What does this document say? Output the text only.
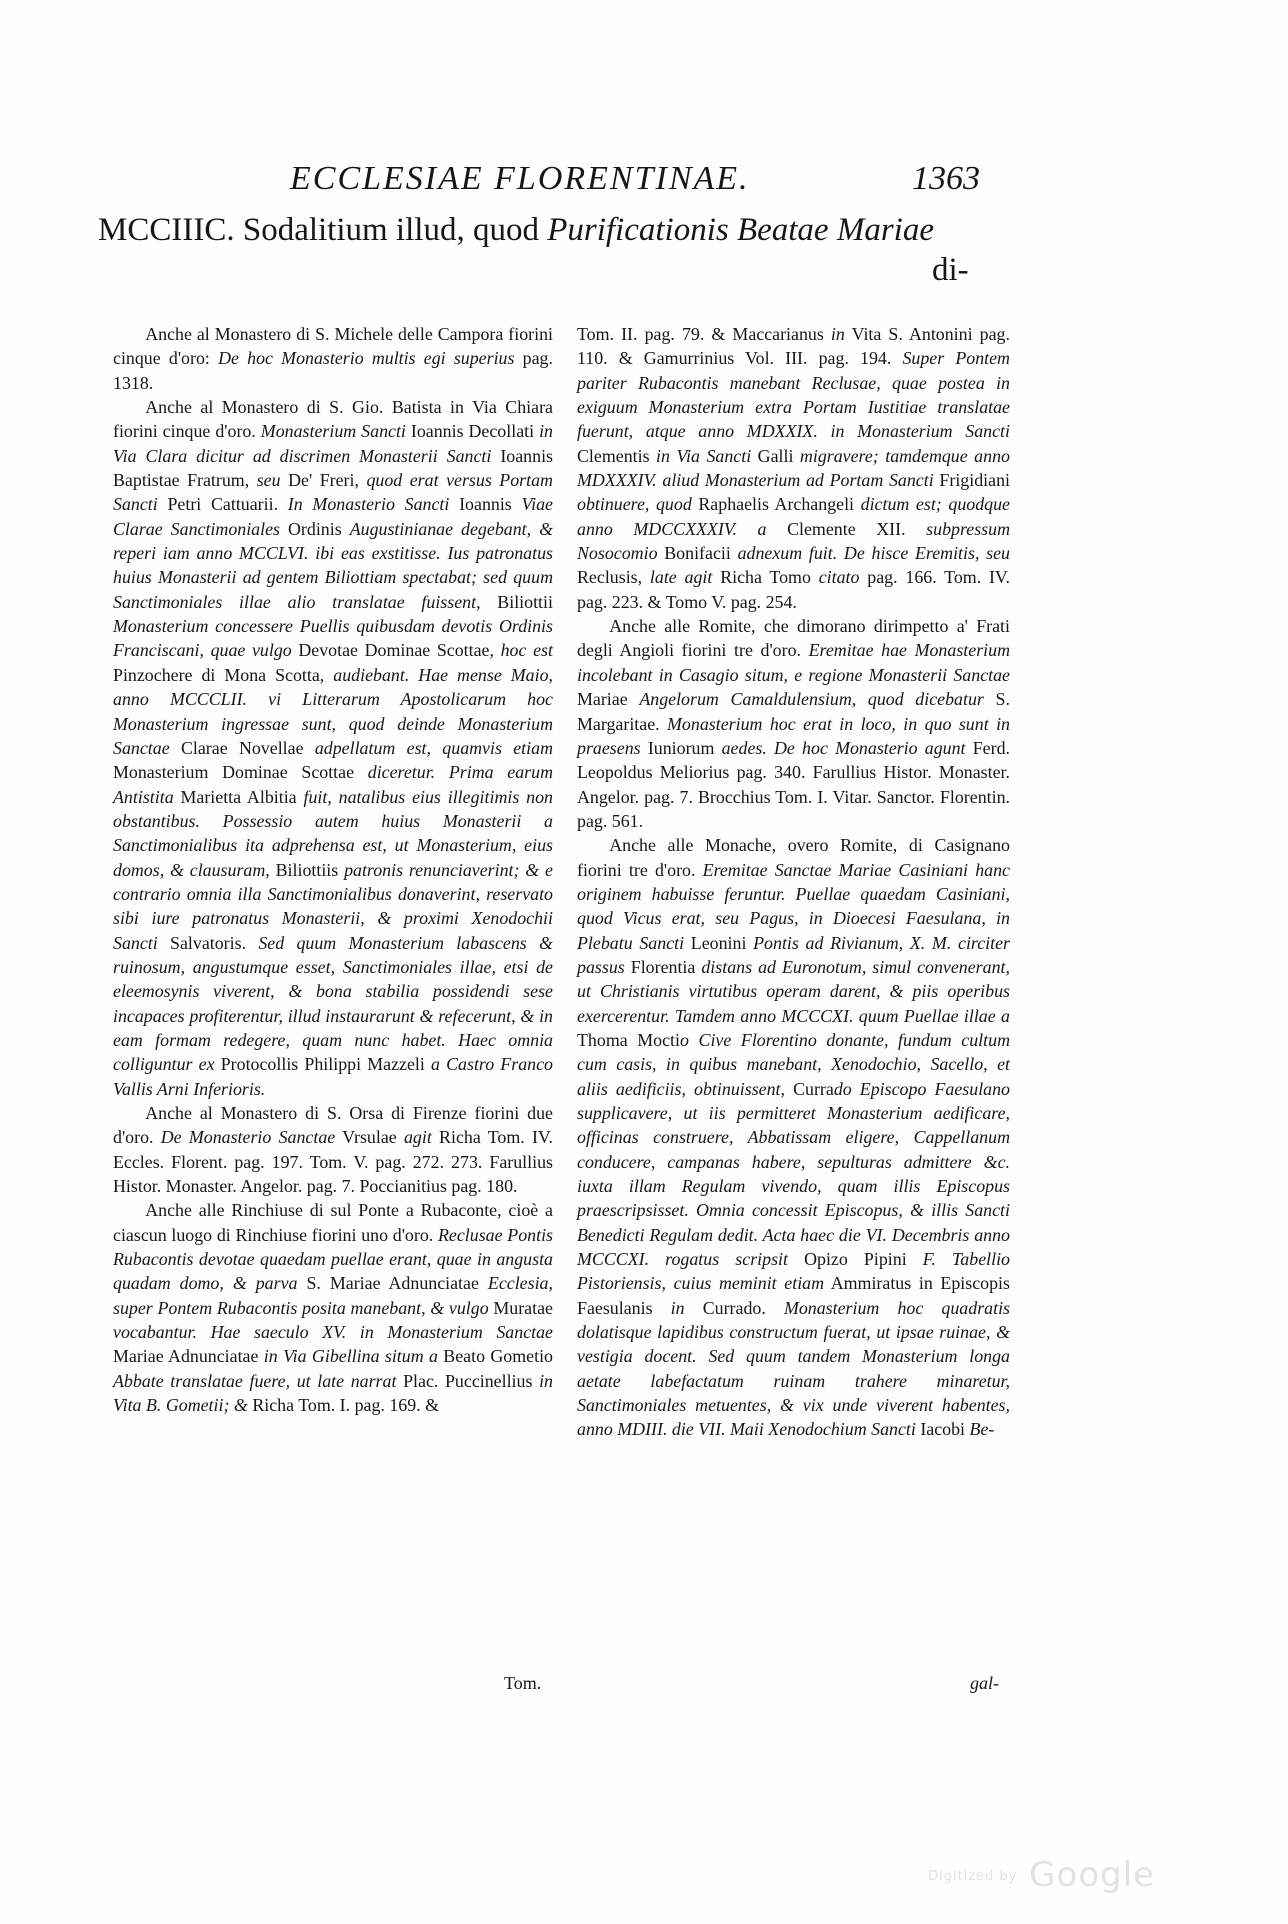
ECCLESIAE FLORENTINAE.	1363
MCCIIIC. Sodalitium illud, quod Purificationis Beatae Mariae
di-

Anche al Monastero di S. Michele delle Campora fiorini cinque d'oro: De hoc Monasterio multis egi superius pag. 1318.

Anche al Monastero di S. Gio. Batista in Via Chiara fiorini cinque d'oro. Monasterium Sancti Ioannis Decollati in Via Clara dicitur ad discrimen Monasterii Sancti Ioannis Baptistae Fratrum, seu De' Freri, quod erat versus Portam Sancti Petri Cattuarii. In Monasterio Sancti Ioannis Viae Clarae Sanctimoniales Ordinis Augustinianae degebant, & reperi iam anno MCCLVI. ibi eas exstitisse. Ius patronatus huius Monasterii ad gentem Biliottiam spectabat; sed quum Sanctimoniales illae alio translatae fuissent, Biliottii Monasterium concessere Puellis quibusdam devotis Ordinis Franciscani, quae vulgo Devotae Dominae Scottae, hoc est Pinzochere di Mona Scotta, audiebant. Hae mense Maio, anno MCCCLII. vi Litterarum Apostolicarum hoc Monasterium ingressae sunt, quod deinde Monasterium Sanctae Clarae Novellae adpellatum est, quamvis etiam Monasterium Dominae Scottae diceretur. Prima earum Antistita Marietta Albitia fuit, natalibus eius illegitimis non obstantibus. Possessio autem huius Monasterii a Sanctimonialibus ita adprehensa est, ut Monasterium, eius domos, & clausuram, Biliottiis patronis renunciaverint; & e contrario omnia illa Sanctimonialibus donaverint, reservato sibi iure patronatus Monasterii, & proximi Xenodochii Sancti Salvatoris. Sed quum Monasterium labascens & ruinosum, angustumque esset, Sanctimoniales illae, etsi de eleemosynis viverent, & bona stabilia possidendi sese incapaces profiterentur, illud instaurarunt & refecerunt, & in eam formam redegere, quam nunc habet. Haec omnia colliguntur ex Protocollis Philippi Mazzeli a Castro Franco Vallis Arni Inferioris.

Anche al Monastero di S. Orsa di Firenze fiorini due d'oro. De Monasterio Sanctae Vrsulae agit Richa Tom. IV. Eccles. Florent. pag. 197. Tom. V. pag. 272. 273. Farullius Histor. Monaster. Angelor. pag. 7. Poccianitius pag. 180.

Anche alle Rinchiuse di sul Ponte a Rubaconte, cioè a ciascun luogo di Rinchiuse fiorini uno d'oro. Reclusae Pontis Rubacontis devotae quaedam puellae erant, quae in angusta quadam domo, & parva S. Mariae Adnunciatae Ecclesia, super Pontem Rubacontis posita manebant, & vulgo Muratae vocabantur. Hae saeculo XV. in Monasterium Sanctae Mariae Adnunciatae in Via Gibellina situm a Beato Gometio Abbate translatae fuere, ut late narrat Plac. Puccinellius in Vita B. Gometii; & Richa Tom. I. pag. 169. &

Tom. II. pag. 79. & Maccarianus in Vita S. Antonini pag. 110. & Gamurrinius Vol. III. pag. 194. Super Pontem pariter Rubacontis manebant Reclusae, quae postea in exiguum Monasterium extra Portam Iustitiae translatae fuerunt, atque anno MDXXIX. in Monasterium Sancti Clementis in Via Sancti Galli migravere; tamdemque anno MDXXXIV. aliud Monasterium ad Portam Sancti Frigidiani obtinuere, quod Raphaelis Archangeli dictum est; quodque anno MDCCXXXIV. a Clemente XII. subpressum Nosocomio Bonifacii adnexum fuit. De hisce Eremitis, seu Reclusis, late agit Richa Tomo citato pag. 166. Tom. IV. pag. 223. & Tomo V. pag. 254.

Anche alle Romite, che dimorano dirimpetto a' Frati degli Angioli fiorini tre d'oro. Eremitae hae Monasterium incolebant in Casagio situm, e regione Monasterii Sanctae Mariae Angelorum Camaldulensium, quod dicebatur S. Margaritae. Monasterium hoc erat in loco, in quo sunt in praesens Iuniorum aedes. De hoc Monasterio agunt Ferd. Leopoldus Meliorius pag. 340. Farullius Histor. Monaster. Angelor. pag. 7. Brocchius Tom. I. Vitar. Sanctor. Florentin. pag. 561.

Anche alle Monache, overo Romite, di Casignano fiorini tre d'oro. Eremitae Sanctae Mariae Casiniani hanc originem habuisse feruntur. Puellae quaedam Casiniani, quod Vicus erat, seu Pagus, in Dioecesi Faesulana, in Plebatu Sancti Leonini Pontis ad Rivianum, X. M. circiter passus Florentia distans ad Euronotum, simul convenerant, ut Christianis virtutibus operam darent, & piis operibus exercerentur. Tamdem anno MCCCXI. quum Puellae illae a Thoma Moctio Cive Florentino donante, fundum cultum cum casis, in quibus manebant, Xenodochio, Sacello, et aliis aedificiis, obtinuissent, Currado Episcopo Faesulano supplicavere, ut iis permitteret Monasterium aedificare, officinas construere, Abbatissam eligere, Cappellanum conducere, campanas habere, sepulturas admittere &c. iuxta illam Regulam vivendo, quam illis Episcopus praescripsisset. Omnia concessit Episcopus, & illis Sancti Benedicti Regulam dedit. Acta haec die VI. Decembris anno MCCCXI. rogatus scripsit Opizo Pipini F. Tabellio Pistoriensis, cuius meminit etiam Ammiratus in Episcopis Faesulanis in Currado. Monasterium hoc quadratis dolatisque lapidibus constructum fuerat, ut ipsae ruinae, & vestigia docent. Sed quum tandem Monasterium longa aetate labefactatum ruinam trahere minaretur, Sanctimoniales metuentes, & vix unde viverent habentes, anno MDIII. die VII. Maii Xenodochium Sancti Iacobi Be-

Tom.	gal-
Digitized by Google
